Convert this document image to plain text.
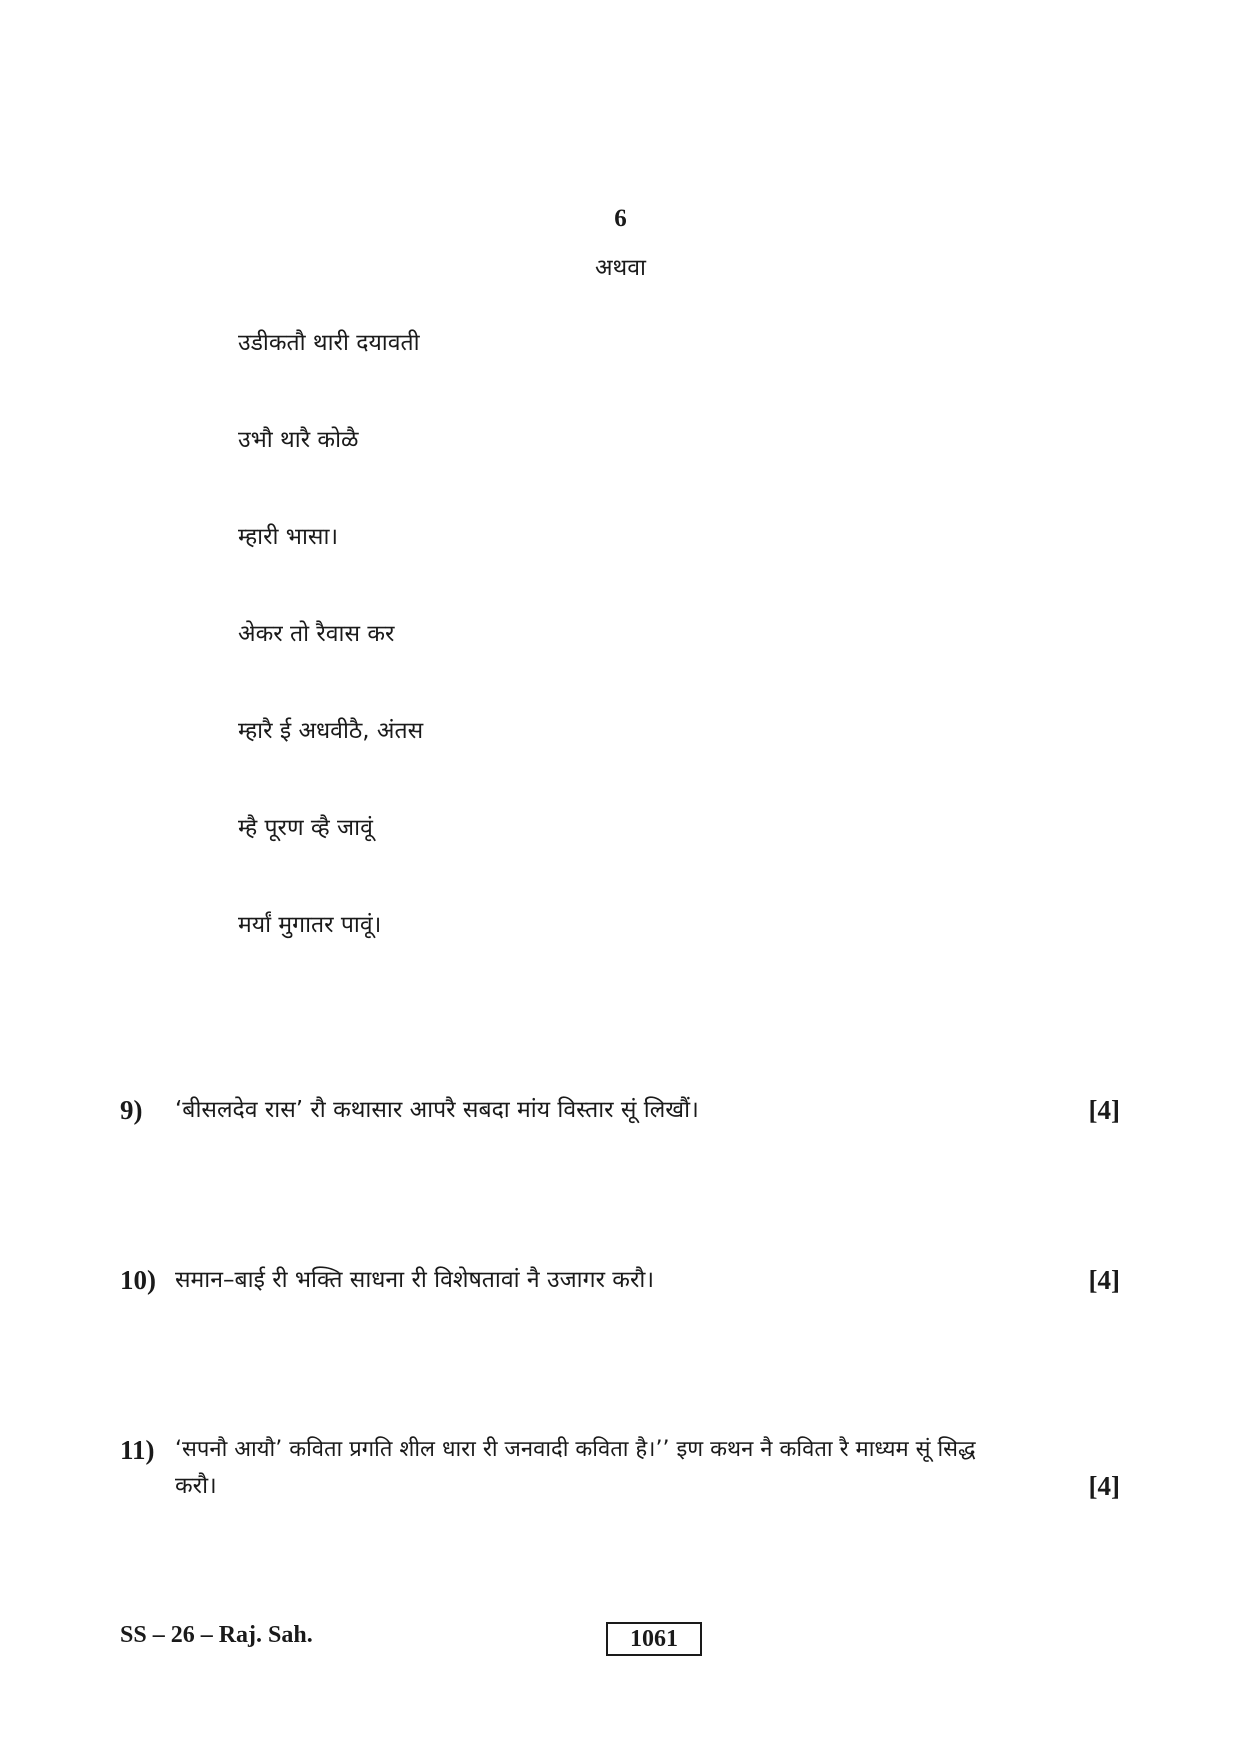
6
अथवा
उडीकतौ थारी दयावती
उभौ थारै कोळै
म्हारी भासा।
अेकर तो रैवास कर
म्हारै ई अधवीठै, अंतस
म्है पूरण व्है जावूं
मर्यां मुगातर पावूं।
9) ‘बीसलदेव रास’ रौ कथासार आपरै सबदा मांय विस्तार सूं लिखौं।	[4]
10) समान–बाई री भक्ति साधना री विशेषतावां नै उजागर करौ।	[4]
11) ‘सपनौ आयौ’ कविता प्रगति शील धारा री जनवादी कविता है।’’ इण कथन नै कविता रै माध्यम सूं सिद्ध
करौ।	[4]
SS – 26 – Raj. Sah.	1061
